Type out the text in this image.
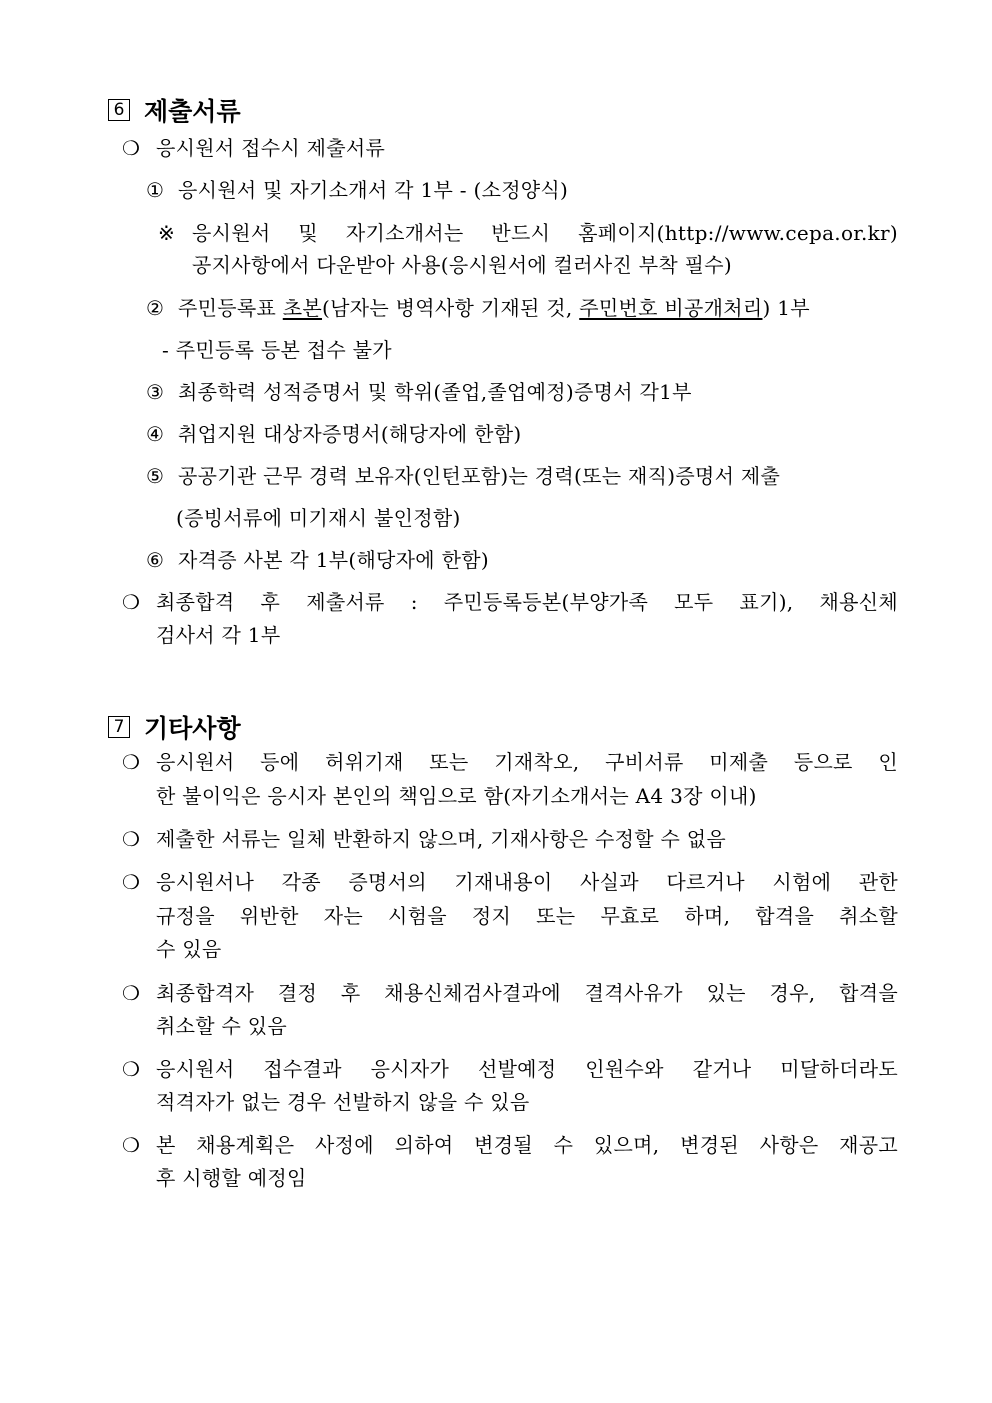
6 제출서류
❍ 응시원서 접수시 제출서류
① 응시원서 및 자기소개서 각 1부 - (소정양식)
※ 응시원서 및 자기소개서는 반드시 홈페이지(http://www.cepa.or.kr)
공지사항에서 다운받아 사용(응시원서에 컬러사진 부착 필수)
② 주민등록표 초본(남자는 병역사항 기재된 것, 주민번호 비공개처리) 1부
- 주민등록 등본 접수 불가
③ 최종학력 성적증명서 및 학위(졸업,졸업예정)증명서 각1부
④ 취업지원 대상자증명서(해당자에 한함)
⑤ 공공기관 근무 경력 보유자(인턴포함)는 경력(또는 재직)증명서 제출
(증빙서류에 미기재시 불인정함)
⑥ 자격증 사본 각 1부(해당자에 한함)
❍ 최종합격 후 제출서류 : 주민등록등본(부양가족 모두 표기), 채용신체
검사서 각 1부
7 기타사항
❍ 응시원서 등에 허위기재 또는 기재착오, 구비서류 미제출 등으로 인
한 불이익은 응시자 본인의 책임으로 함(자기소개서는 A4 3장 이내)
❍ 제출한 서류는 일체 반환하지 않으며, 기재사항은 수정할 수 없음
❍ 응시원서나 각종 증명서의 기재내용이 사실과 다르거나 시험에 관한
규정을 위반한 자는 시험을 정지 또는 무효로 하며, 합격을 취소할
수 있음
❍ 최종합격자 결정 후 채용신체검사결과에 결격사유가 있는 경우, 합격을
취소할 수 있음
❍ 응시원서 접수결과 응시자가 선발예정 인원수와 같거나 미달하더라도
적격자가 없는 경우 선발하지 않을 수 있음
❍ 본 채용계획은 사정에 의하여 변경될 수 있으며, 변경된 사항은 재공고
후 시행할 예정임
